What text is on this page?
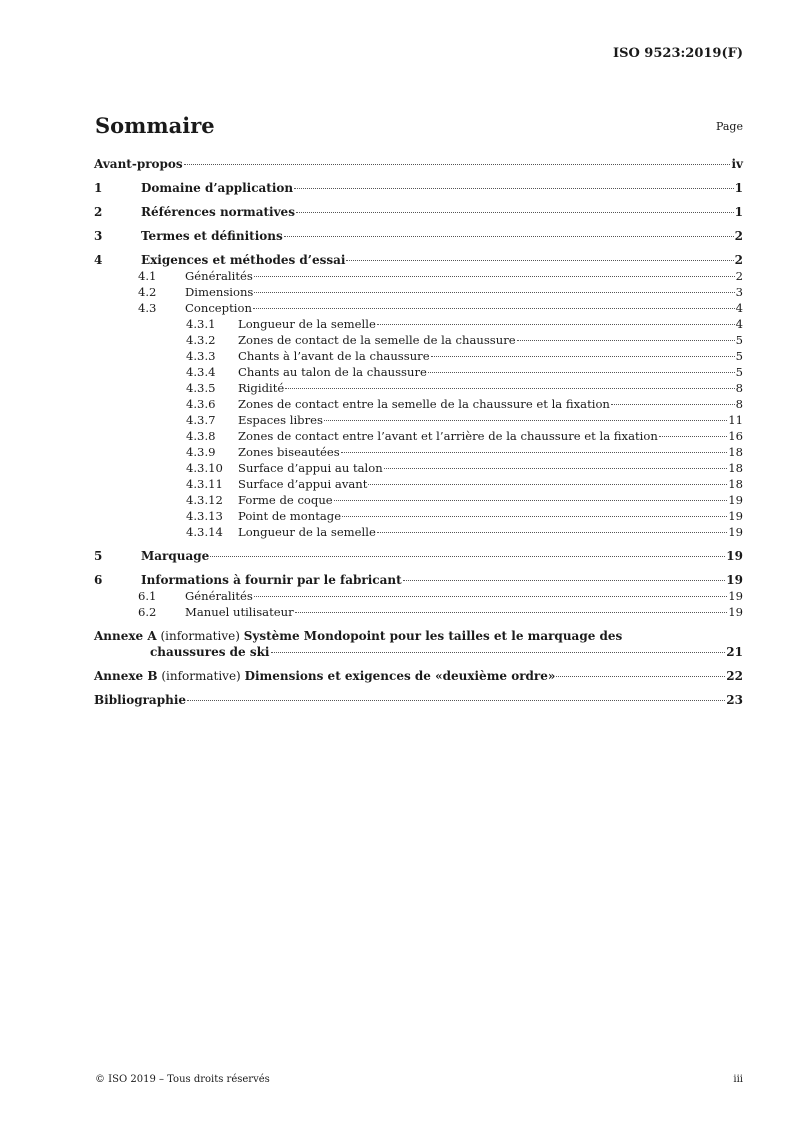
ISO 9523:2019(F)
Sommaire	Page
Avant-propos	iv
1	Domaine d’application	1
2	Références normatives	1
3	Termes et définitions	2
4	Exigences et méthodes d’essai	2
4.1 Généralités	2
4.2 Dimensions	3
4.3 Conception	4
4.3.1 Longueur de la semelle	4
4.3.2 Zones de contact de la semelle de la chaussure	5
4.3.3 Chants à l’avant de la chaussure	5
4.3.4 Chants au talon de la chaussure	5
4.3.5 Rigidité	8
4.3.6 Zones de contact entre la semelle de la chaussure et la fixation	8
4.3.7 Espaces libres	11
4.3.8 Zones de contact entre l’avant et l’arrière de la chaussure et la fixation	16
4.3.9 Zones biseautées	18
4.3.10 Surface d’appui au talon	18
4.3.11 Surface d’appui avant	18
4.3.12 Forme de coque	19
4.3.13 Point de montage	19
4.3.14 Longueur de la semelle	19
5	Marquage	19
6	Informations à fournir par le fabricant	19
6.1 Généralités	19
6.2 Manuel utilisateur	19
Annexe A (informative) Système Mondopoint pour les tailles et le marquage des
chaussures de ski	21
Annexe B (informative) Dimensions et exigences de «deuxième ordre»	22
Bibliographie	23
© ISO 2019 – Tous droits réservés	iii
